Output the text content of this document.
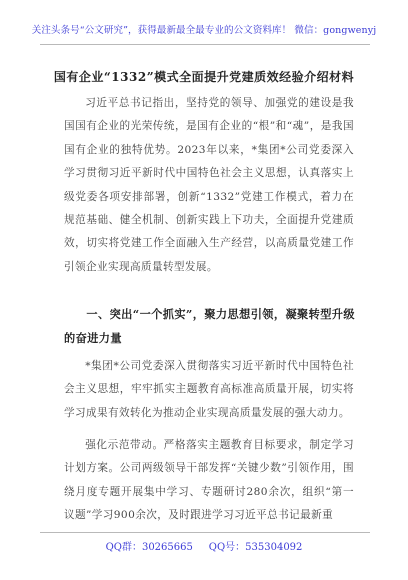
关注头条号“公文研究”，获得最新最全最专业的公文资料库！ 微信：gongwenyj
国有企业“1332”模式全面提升党建质效经验介绍材料
习近平总书记指出，坚持党的领导、加强党的建设是我国国有企业的光荣传统，是国有企业的“根”和“魂”，是我国国有企业的独特优势。2023年以来，*集团*公司党委深入学习贯彻习近平新时代中国特色社会主义思想，认真落实上级党委各项安排部署，创新“1332”党建工作模式，着力在规范基础、健全机制、创新实践上下功夫，全面提升党建质效，切实将党建工作全面融入生产经营，以高质量党建工作引领企业实现高质量转型发展。
一、突出“一个抓实”，聚力思想引领，凝聚转型升级的奋进力量
*集团*公司党委深入贯彻落实习近平新时代中国特色社会主义思想，牢牢抓实主题教育高标准高质量开展，切实将学习成果有效转化为推动企业实现高质量发展的强大动力。
强化示范带动。严格落实主题教育目标要求，制定学习计划方案。公司两级领导干部发挥“关键少数”引领作用，围绕月度专题开展集中学习、专题研讨280余次，组织“第一议题”学习900余次，及时跟进学习习近平总书记最新重
QQ群：30265665     QQ号：535304092
